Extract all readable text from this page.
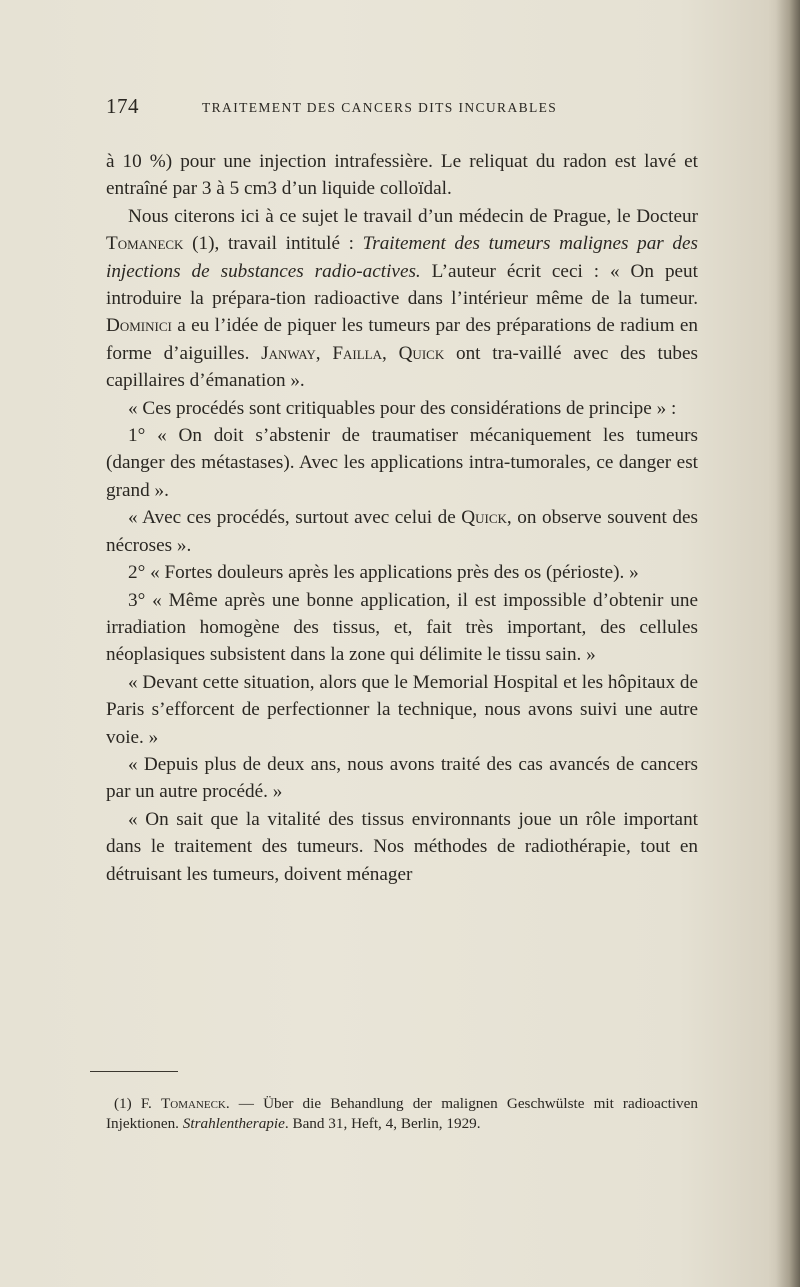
174	TRAITEMENT DES CANCERS DITS INCURABLES

à 10 %) pour une injection intrafessière. Le reliquat du radon est lavé et entraîné par 3 à 5 cm3 d’un liquide colloïdal.

Nous citerons ici à ce sujet le travail d’un médecin de Prague, le Docteur Tomaneck (1), travail intitulé : Traitement des tumeurs malignes par des injections de substances radio-actives. L’auteur écrit ceci : « On peut introduire la prépara-tion radioactive dans l’intérieur même de la tumeur. Dominici a eu l’idée de piquer les tumeurs par des préparations de radium en forme d’aiguilles. Janway, Failla, Quick ont tra-vaillé avec des tubes capillaires d’émanation ».

« Ces procédés sont critiquables pour des considérations de principe » :

1° « On doit s’abstenir de traumatiser mécaniquement les tumeurs (danger des métastases). Avec les applications intra-tumorales, ce danger est grand ».

« Avec ces procédés, surtout avec celui de Quick, on observe souvent des nécroses ».

2° « Fortes douleurs après les applications près des os (périoste). »

3° « Même après une bonne application, il est impossible d’obtenir une irradiation homogène des tissus, et, fait très important, des cellules néoplasiques subsistent dans la zone qui délimite le tissu sain. »

« Devant cette situation, alors que le Memorial Hospital et les hôpitaux de Paris s’efforcent de perfectionner la technique, nous avons suivi une autre voie. »

« Depuis plus de deux ans, nous avons traité des cas avancés de cancers par un autre procédé. »

« On sait que la vitalité des tissus environnants joue un rôle important dans le traitement des tumeurs. Nos méthodes de radiothérapie, tout en détruisant les tumeurs, doivent ménager

(1) F. Tomaneck. — Über die Behandlung der malignen Geschwülste mit radioactiven Injektionen. Strahlentherapie. Band 31, Heft, 4, Berlin, 1929.
